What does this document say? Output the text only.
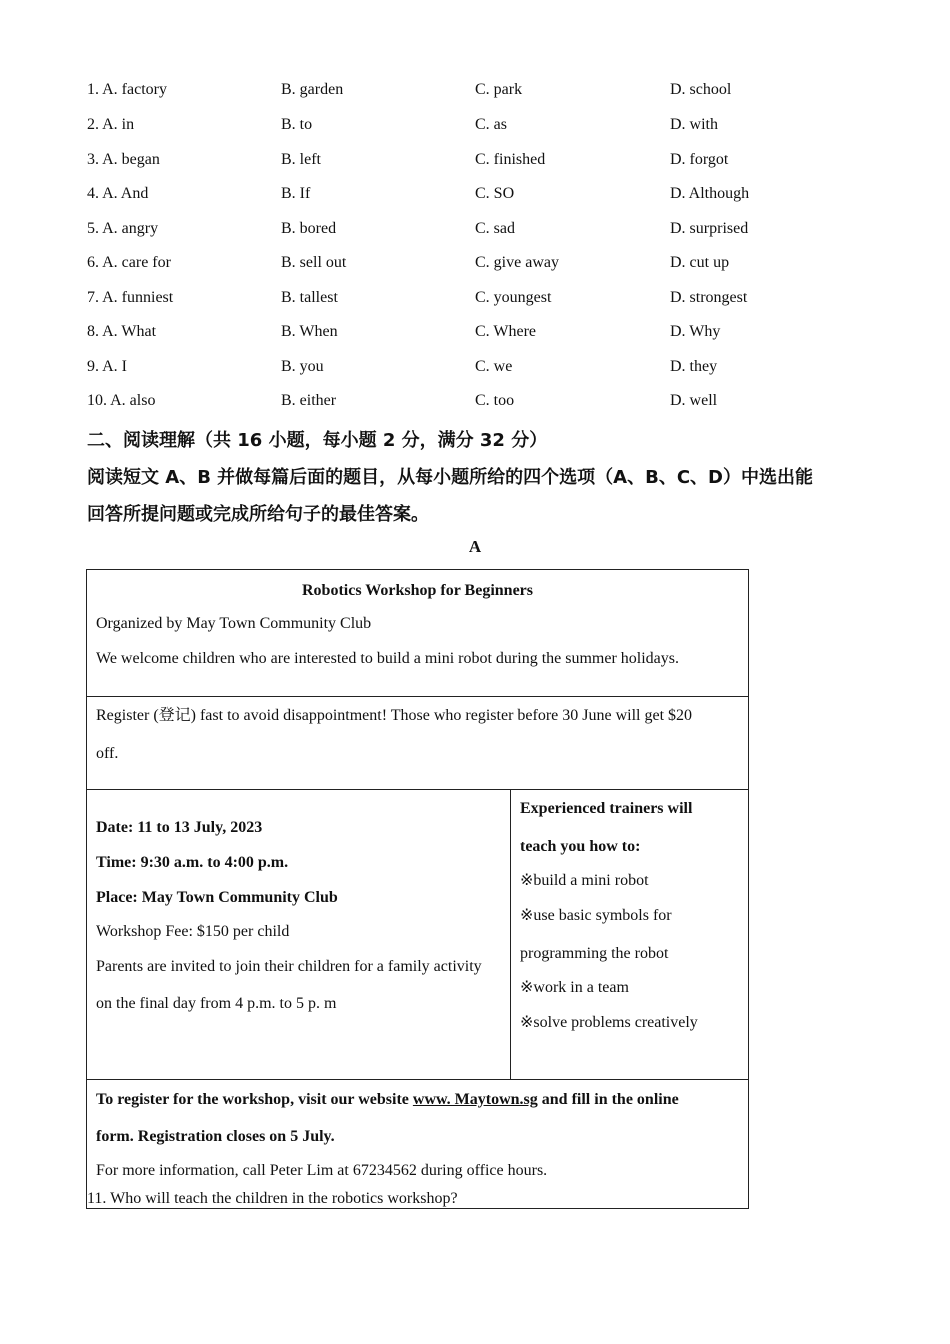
1. A. factory	B. garden	C. park	D. school
2. A. in	B. to	C. as	D. with
3. A. began	B. left	C. finished	D. forgot
4. A. And	B. If	C. SO	D. Although
5. A. angry	B. bored	C. sad	D. surprised
6. A. care for	B. sell out	C. give away	D. cut up
7. A. funniest	B. tallest	C. youngest	D. strongest
8. A. What	B. When	C. Where	D. Why
9. A. I	B. you	C. we	D. they
10. A. also	B. either	C. too	D. well
二、阅读理解（共 16 小题，每小题 2 分，满分 32 分）
阅读短文 A、B 并做每篇后面的题目，从每小题所给的四个选项（A、B、C、D）中选出能
回答所提问题或完成所给句子的最佳答案。
A
Robotics Workshop for Beginners
Organized by May Town Community Club
We welcome children who are interested to build a mini robot during the summer holidays.

Register (登记) fast to avoid disappointment! Those who register before 30 June will get $20
off.

Date: 11 to 13 July, 2023
Time: 9:30 a.m. to 4:00 p.m.
Place: May Town Community Club
Workshop Fee: $150 per child
Parents are invited to join their children for a family activity
on the final day from 4 p.m. to 5 p. m

Experienced trainers will
teach you how to:
※build a mini robot
※use basic symbols for
programming the robot
※work in a team
※solve problems creatively

To register for the workshop, visit our website www. Maytown.sg and fill in the online
form. Registration closes on 5 July.
For more information, call Peter Lim at 67234562 during office hours.
11. Who will teach the children in the robotics workshop?
